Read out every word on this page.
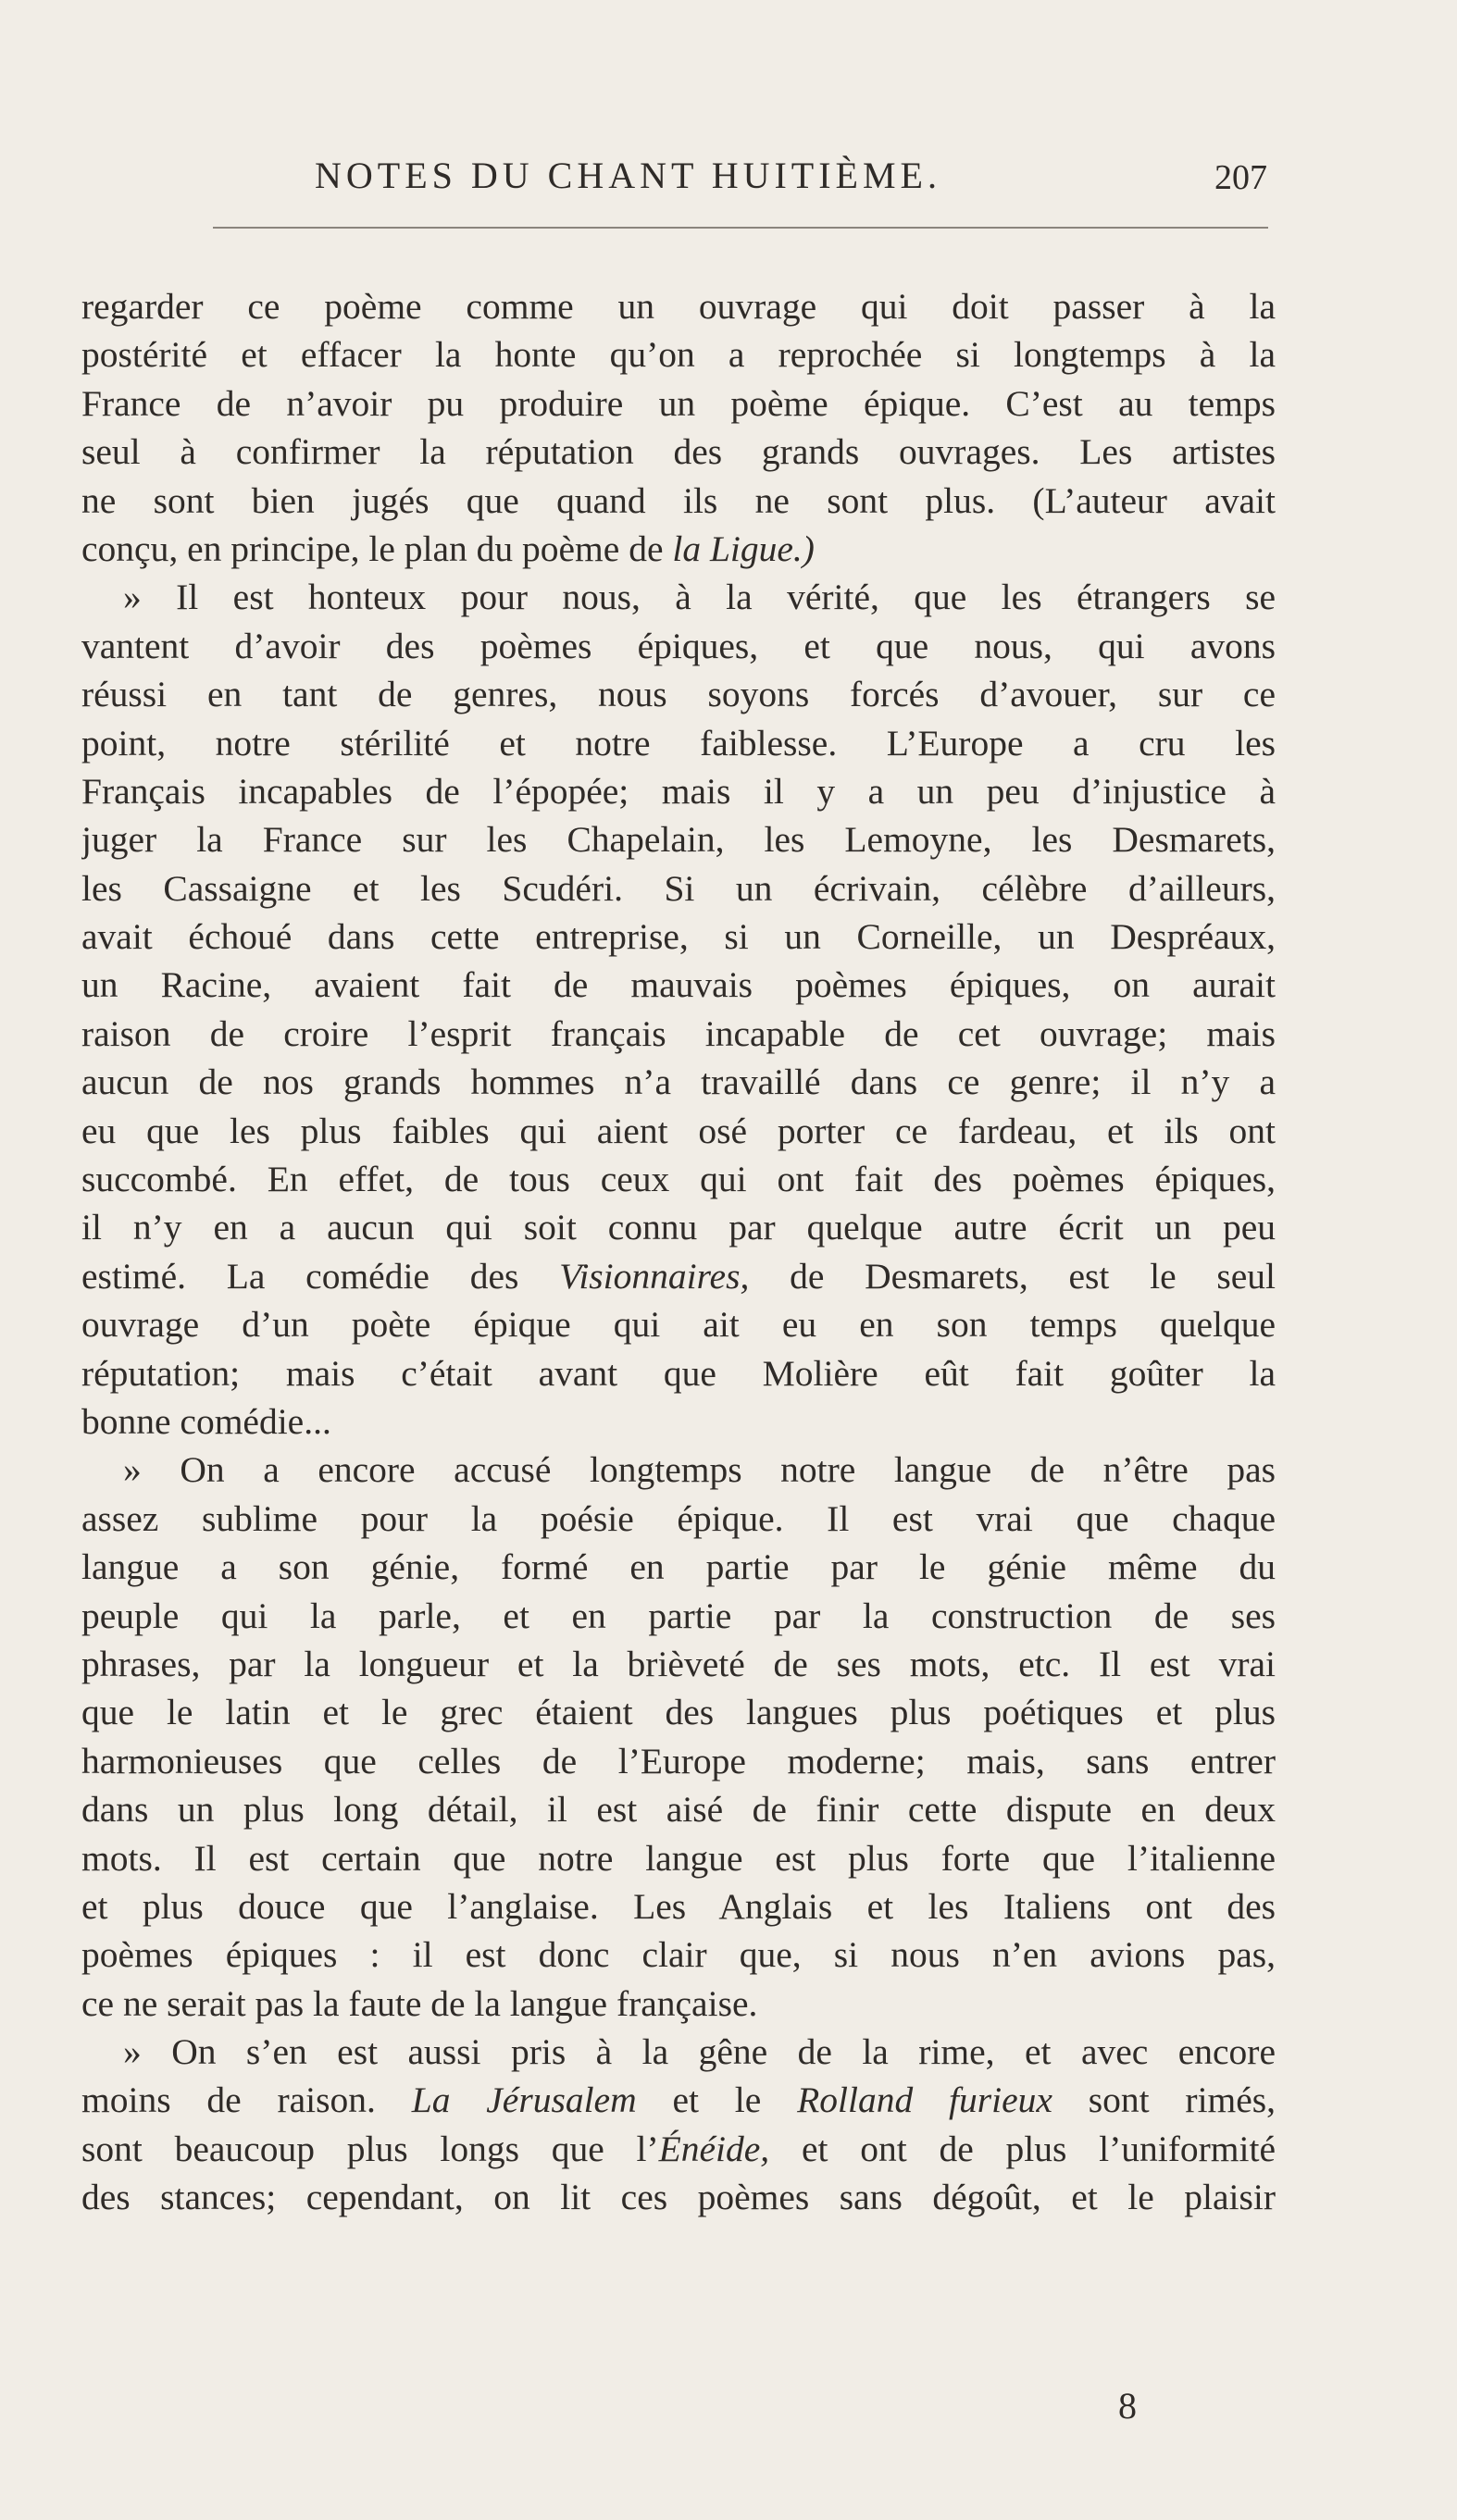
NOTES DU CHANT HUITIÈME.	207
regarder ce poème comme un ouvrage qui doit passer à la
postérité et effacer la honte qu’on a reprochée si longtemps à la
France de n’avoir pu produire un poème épique. C’est au temps
seul à confirmer la réputation des grands ouvrages. Les artistes
ne sont bien jugés que quand ils ne sont plus. (L’auteur avait
conçu, en principe, le plan du poème de la Ligue.)
» Il est honteux pour nous, à la vérité, que les étrangers se
vantent d’avoir des poèmes épiques, et que nous, qui avons
réussi en tant de genres, nous soyons forcés d’avouer, sur ce
point, notre stérilité et notre faiblesse. L’Europe a cru les
Français incapables de l’épopée; mais il y a un peu d’injustice à
juger la France sur les Chapelain, les Lemoyne, les Desmarets,
les Cassaigne et les Scudéri. Si un écrivain, célèbre d’ailleurs,
avait échoué dans cette entreprise, si un Corneille, un Despréaux,
un Racine, avaient fait de mauvais poèmes épiques, on aurait
raison de croire l’esprit français incapable de cet ouvrage; mais
aucun de nos grands hommes n’a travaillé dans ce genre; il n’y a
eu que les plus faibles qui aient osé porter ce fardeau, et ils ont
succombé. En effet, de tous ceux qui ont fait des poèmes épiques,
il n’y en a aucun qui soit connu par quelque autre écrit un peu
estimé. La comédie des Visionnaires, de Desmarets, est le seul
ouvrage d’un poète épique qui ait eu en son temps quelque
réputation; mais c’était avant que Molière eût fait goûter la
bonne comédie...
» On a encore accusé longtemps notre langue de n’être pas
assez sublime pour la poésie épique. Il est vrai que chaque
langue a son génie, formé en partie par le génie même du
peuple qui la parle, et en partie par la construction de ses
phrases, par la longueur et la brièveté de ses mots, etc. Il est vrai
que le latin et le grec étaient des langues plus poétiques et plus
harmonieuses que celles de l’Europe moderne; mais, sans entrer
dans un plus long détail, il est aisé de finir cette dispute en deux
mots. Il est certain que notre langue est plus forte que l’italienne
et plus douce que l’anglaise. Les Anglais et les Italiens ont des
poèmes épiques : il est donc clair que, si nous n’en avions pas,
ce ne serait pas la faute de la langue française.
» On s’en est aussi pris à la gêne de la rime, et avec encore
moins de raison. La Jérusalem et le Rolland furieux sont rimés,
sont beaucoup plus longs que l’Énéide, et ont de plus l’uniformité
des stances; cependant, on lit ces poèmes sans dégoût, et le plaisir
8
